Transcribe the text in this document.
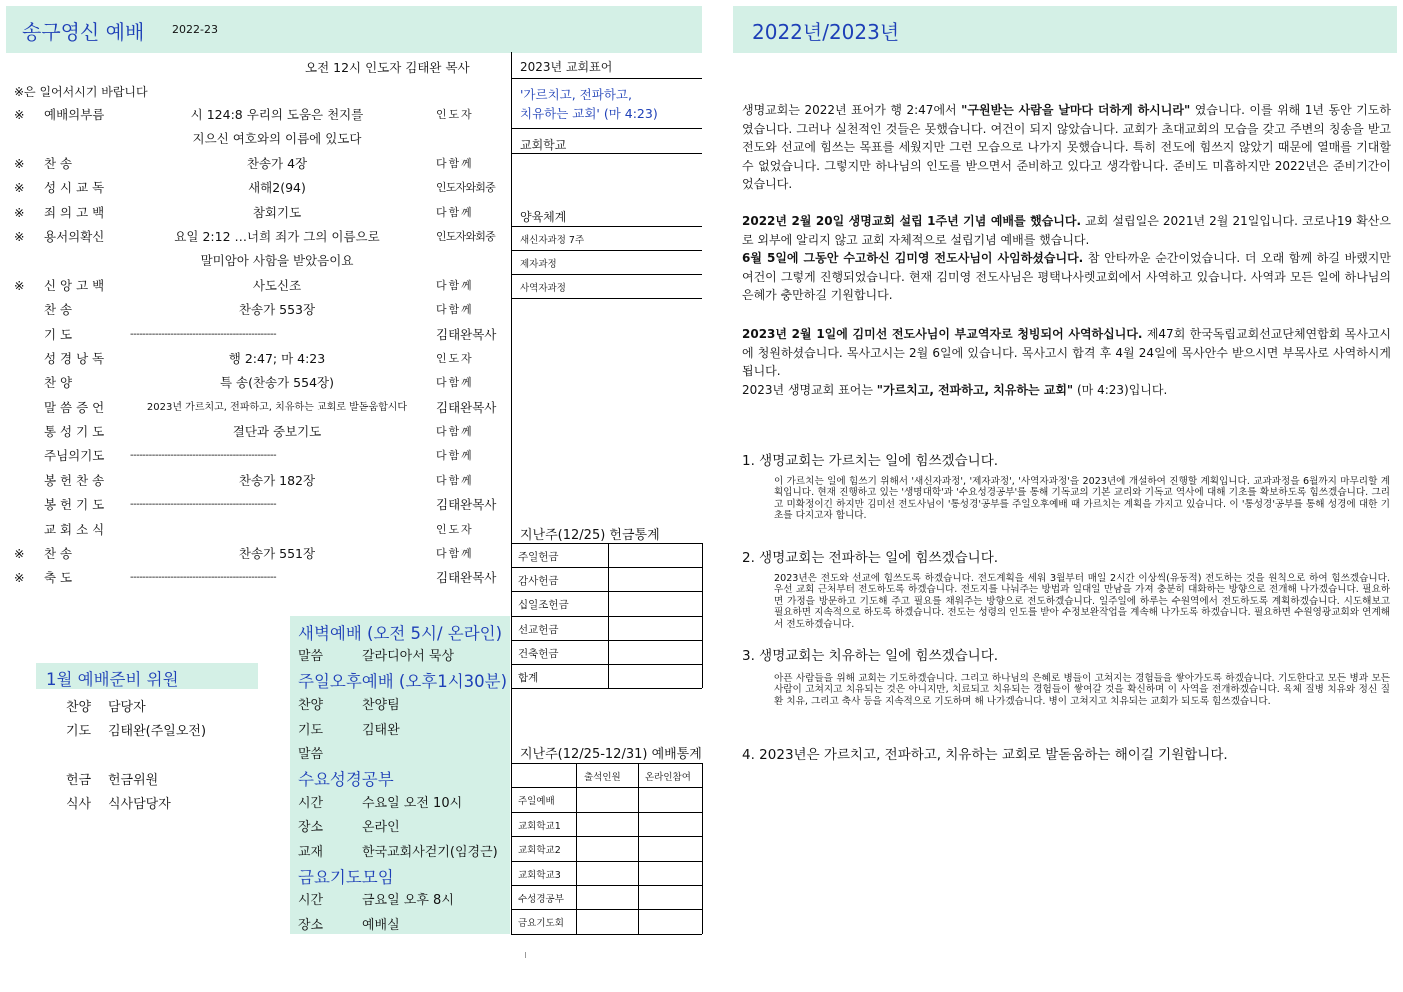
송구영신 예배	2022-23	2022년/2023년
오전 12시 인도자 김태완 목사
※은 일어서시기 바랍니다
※ 예배의부름	시 124:8 우리의 도움은 천지를	인 도 자
지으신 여호와의 이름에 있도다
※ 찬 송	찬송가 4장	다 함 께
※ 성 시 교 독	새해2(94)	인도자와회중
※ 죄 의 고 백	참회기도	다 함 께
※ 용서의확신	요일 2:12 …너희 죄가 그의 이름으로	인도자와회중
말미암아 사함을 받았음이요
※ 신 앙 고 백	사도신조	다 함 께
찬 송	찬송가 553장	다 함 께
기 도	-----------------------------------------------	김태완목사
성 경 낭 독	행 2:47; 마 4:23	인 도 자
찬 양	특 송(찬송가 554장)	다 함 께
말 씀 증 언	2023년 가르치고, 전파하고, 치유하는 교회로 발돋움합시다	김태완목사
통 성 기 도	결단과 중보기도	다 함 께
주님의기도	-----------------------------------------------	다 함 께
봉 헌 찬 송	찬송가 182장	다 함 께
봉 헌 기 도	-----------------------------------------------	김태완목사
교 회 소 식	인 도 자
※ 찬 송	찬송가 551장	다 함 께
※ 축 도	-----------------------------------------------	김태완목사
2023년 교회표어
'가르치고, 전파하고,
치유하는 교회' (마 4:23)
교회학교
양육체계
새신자과정 7주
제자과정
사역자과정
지난주(12/25) 헌금통계
주일헌금
감사헌금
십일조헌금
선교헌금
건축헌금
합계
지난주(12/25-12/31) 예배통계
출석인원	온라인참여
주일예배
교회학교1
교회학교2
교회학교3
수성경공부
금요기도회
1월 예배준비 위원
찬양 담당자
기도 김태완(주일오전)
헌금 헌금위원
식사 식사담당자
새벽예배 (오전 5시/ 온라인)
말씀	갈라디아서 묵상
주일오후예배 (오후1시30분)
찬양	찬양팀
기도	김태완
말씀
수요성경공부
시간	수요일 오전 10시
장소	온라인
교재	한국교회사걷기(임경근)
금요기도모임
시간	금요일 오후 8시
장소	예배실
생명교회는 2022년 표어가 행 2:47에서 "구원받는 사람을 날마다 더하게 하시니라" 였습니다. 이를 위해 1년 동안 기도하였습니다. 그러나 실천적인 것들은 못했습니다. 여건이 되지 않았습니다. 교회가 초대교회의 모습을 갖고 주변의 칭송을 받고 전도와 선교에 힘쓰는 목표를 세웠지만 그런 모습으로 나가지 못했습니다. 특히 전도에 힘쓰지 않았기 때문에 열매를 기대할 수 없었습니다. 그렇지만 하나님의 인도를 받으면서 준비하고 있다고 생각합니다. 준비도 미흡하지만 2022년은 준비기간이었습니다.
2022년 2월 20일 생명교회 설립 1주년 기념 예배를 했습니다. 교회 설립일은 2021년 2월 21일입니다. 코로나19 확산으로 외부에 알리지 않고 교회 자체적으로 설립기념 예배를 했습니다.
6월 5일에 그동안 수고하신 김미영 전도사님이 사임하셨습니다. 참 안타까운 순간이었습니다. 더 오래 함께 하길 바랬지만 여건이 그렇게 진행되었습니다. 현재 김미영 전도사님은 평택나사렛교회에서 사역하고 있습니다. 사역과 모든 일에 하나님의 은혜가 충만하길 기원합니다.
2023년 2월 1일에 김미선 전도사님이 부교역자로 청빙되어 사역하십니다. 제47회 한국독립교회선교단체연합회 목사고시에 청원하셨습니다. 목사고시는 2월 6일에 있습니다. 목사고시 합격 후 4월 24일에 목사안수 받으시면 부목사로 사역하시게 됩니다.
2023년 생명교회 표어는 "가르치고, 전파하고, 치유하는 교회" (마 4:23)입니다.
1. 생명교회는 가르치는 일에 힘쓰겠습니다.
이 가르치는 일에 힘쓰기 위해서 '새신자과정', '제자과정', '사역자과정'을 2023년에 개설하여 진행할 계획입니다. 교과과정을 6월까지 마무리할 계획입니다. 현재 진행하고 있는 '생명대학'과 '수요성경공부'를 통해 기독교의 기본 교리와 기독교 역사에 대해 기초를 확보하도록 힘쓰겠습니다. 그리고 미확정이긴 하지만 김미선 전도사님이 '통성경'공부를 주일오후예배 때 가르치는 계획을 가지고 있습니다. 이 '통성경'공부를 통해 성경에 대한 기초를 다지고자 합니다.
2. 생명교회는 전파하는 일에 힘쓰겠습니다.
2023년은 전도와 선교에 힘쓰도록 하겠습니다. 전도계획을 세워 3월부터 매일 2시간 이상씩(유동적) 전도하는 것을 원칙으로 하여 힘쓰겠습니다. 우선 교회 근처부터 전도하도록 하겠습니다. 전도지를 나눠주는 방법과 일대일 만남을 가져 충분히 대화하는 방향으로 전개해 나가겠습니다. 필요하면 가정을 방문하고 기도해 주고 필요를 채워주는 방향으로 전도하겠습니다. 일주일에 하루는 수원역에서 전도하도록 계획하겠습니다. 시도해보고 필요하면 지속적으로 하도록 하겠습니다. 전도는 성령의 인도를 받아 수정보완작업을 계속해 나가도록 하겠습니다. 필요하면 수원영광교회와 연계해서 전도하겠습니다.
3. 생명교회는 치유하는 일에 힘쓰겠습니다.
아픈 사람들을 위해 교회는 기도하겠습니다. 그리고 하나님의 은혜로 병들이 고쳐지는 경험들을 쌓아가도록 하겠습니다. 기도한다고 모든 병과 모든 사람이 고쳐지고 치유되는 것은 아니지만, 치료되고 치유되는 경험들이 쌓여갈 것을 확신하며 이 사역을 전개하겠습니다. 육체 질병 치유와 정신 질환 치유, 그리고 축사 등을 지속적으로 기도하며 해 나가겠습니다. 병이 고쳐지고 치유되는 교회가 되도록 힘쓰겠습니다.
4. 2023년은 가르치고, 전파하고, 치유하는 교회로 발돋움하는 해이길 기원합니다.
